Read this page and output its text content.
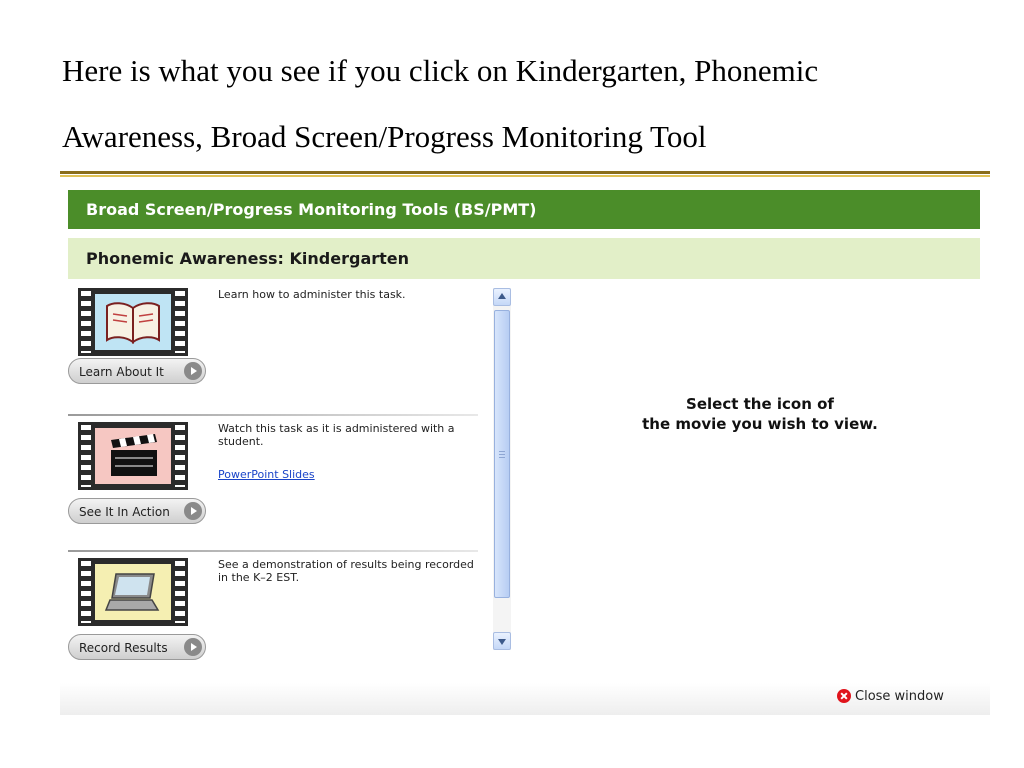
Here is what you see if you click on Kindergarten, Phonemic
Awareness, Broad Screen/Progress Monitoring Tool
Broad Screen/Progress Monitoring Tools (BS/PMT)
Phonemic Awareness: Kindergarten
Learn About It
Learn how to administer this task.
See It In Action
Watch this task as it is administered with a student.
PowerPoint Slides
Record Results
See a demonstration of results being recorded in the K–2 EST.
Select the icon of
the movie you wish to view.
Close window
